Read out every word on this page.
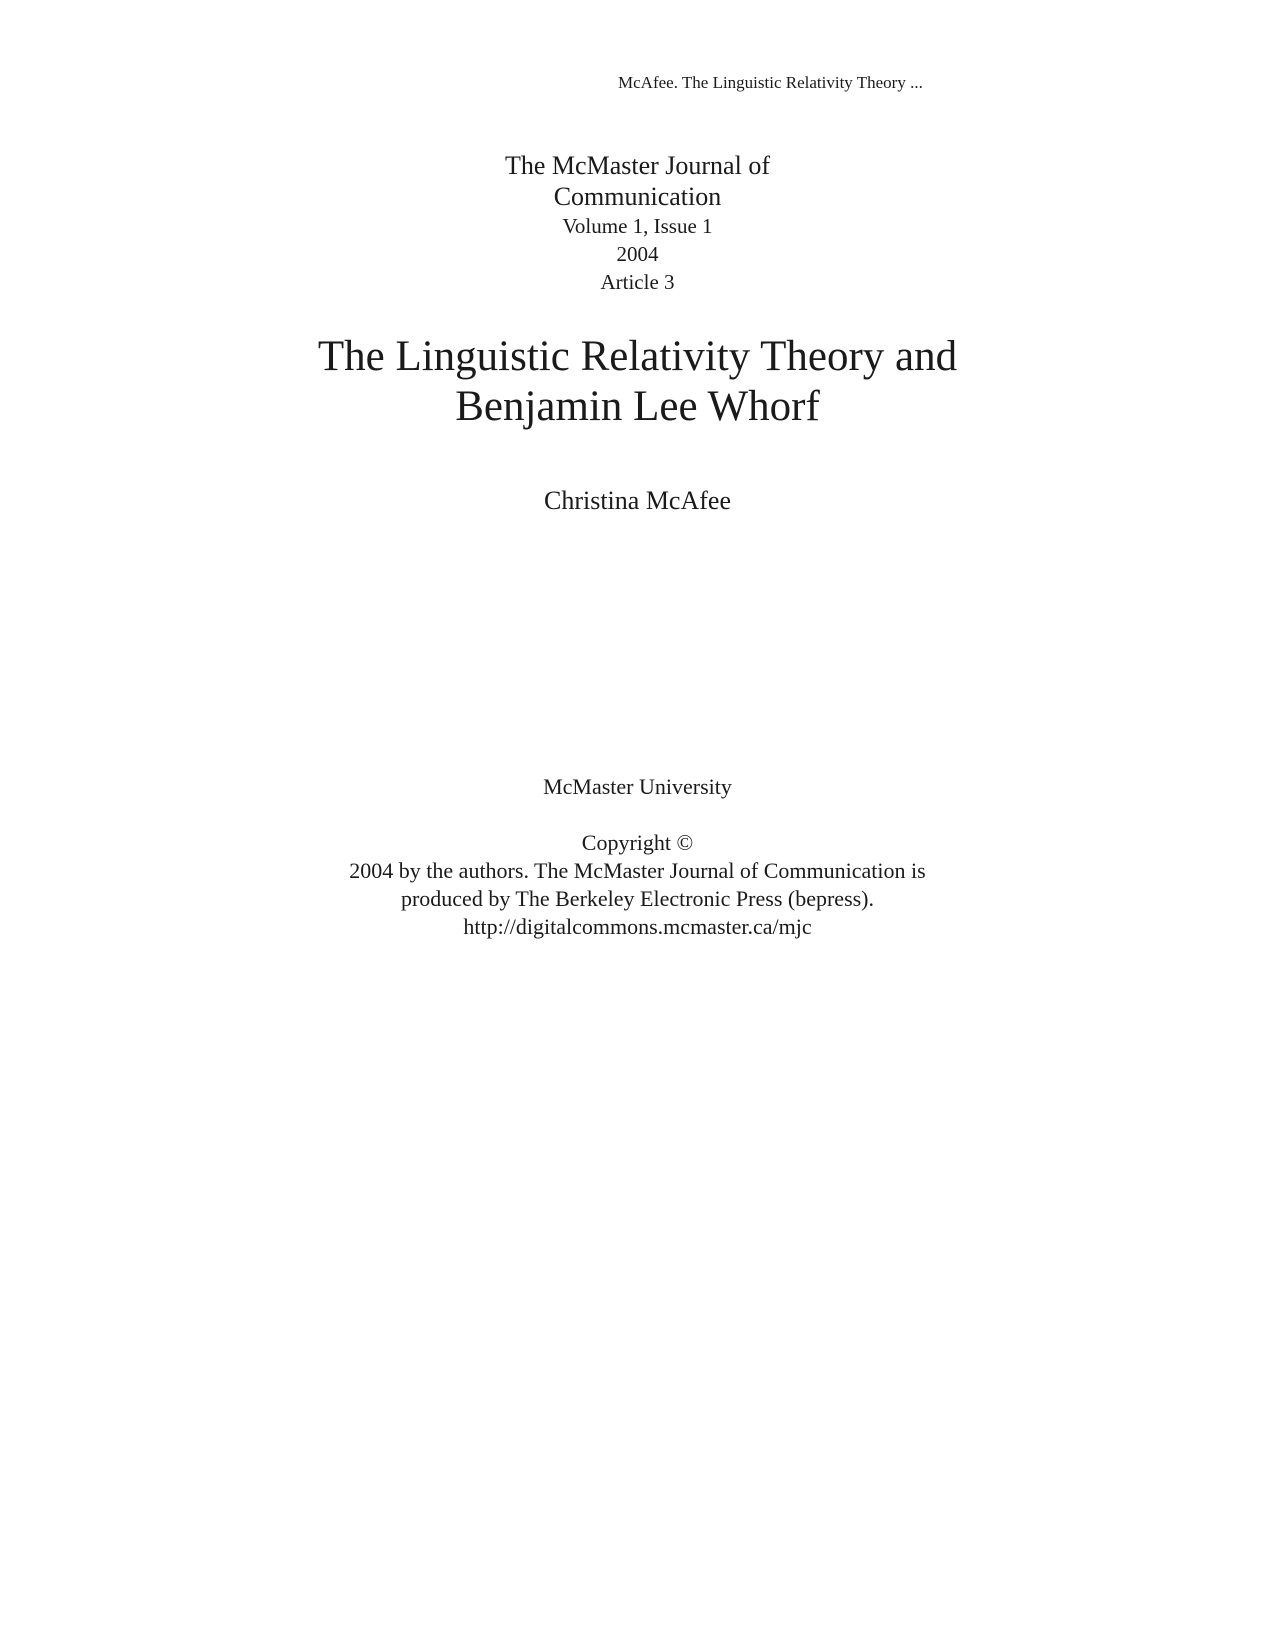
McAfee. The Linguistic Relativity Theory ...
The McMaster Journal of
Communication
Volume 1, Issue 1
2004
Article 3
The Linguistic Relativity Theory and
Benjamin Lee Whorf
Christina McAfee
McMaster University
Copyright ©
2004 by the authors. The McMaster Journal of Communication is
produced by The Berkeley Electronic Press (bepress).
http://digitalcommons.mcmaster.ca/mjc
